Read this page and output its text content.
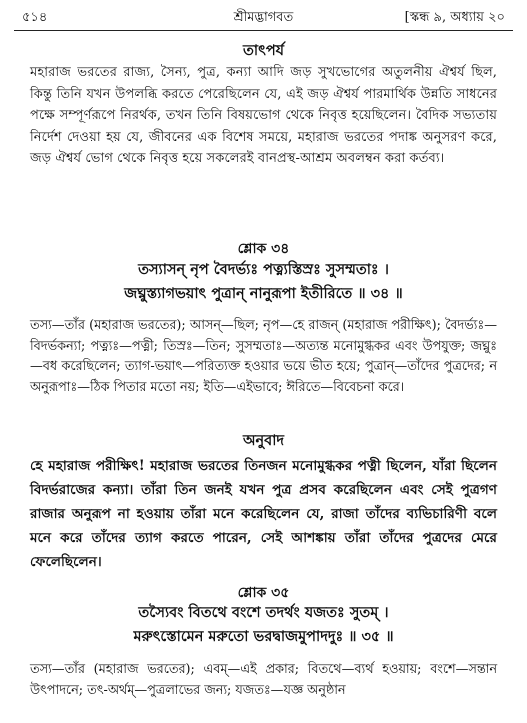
৫১৪	শ্রীমদ্ভাগবত	[স্কন্ধ ৯, অধ্যায় ২০
তাৎপর্য
মহারাজ ভরতের রাজ্য, সৈন্য, পুত্র, কন্যা আদি জড় সুখভোগের অতুলনীয় ঐশ্বর্য ছিল, কিন্তু তিনি যখন উপলব্ধি করতে পেরেছিলেন যে, এই জড় ঐশ্বর্য পারমার্থিক উন্নতি সাধনের পক্ষে সম্পূর্ণরূপে নিরর্থক, তখন তিনি বিষয়ভোগ থেকে নিবৃত্ত হয়েছিলেন। বৈদিক সভ্যতায় নির্দেশ দেওয়া হয় যে, জীবনের এক বিশেষ সময়ে, মহারাজ ভরতের পদাঙ্ক অনুসরণ করে, জড় ঐশ্বর্য ভোগ থেকে নিবৃত্ত হয়ে সকলেরই বানপ্রস্থ-আশ্রম অবলম্বন করা কর্তব্য।
শ্লোক ৩৪
তস্যাসন্ নৃপ বৈদর্ভ্যঃ পত্ন্যস্তিস্রঃ সুসম্মতাঃ ।
জঘ্নুস্ত্যাগভয়াৎ পুত্রান্ নানুরূপা ইতীরিতে ॥ ৩৪ ॥
তস্য—তাঁর (মহারাজ ভরতের); আসন্—ছিল; নৃপ—হে রাজন্ (মহারাজ পরীক্ষিৎ); বৈদর্ভ্যঃ—বিদর্ভকন্যা; পত্ন্যঃ—পত্নী; তিস্রঃ—তিন; সুসম্মতাঃ—অত্যন্ত মনোমুগ্ধকর এবং উপযুক্ত; জঘ্নুঃ—বধ করেছিলেন; ত্যাগ-ভয়াৎ—পরিত্যক্ত হওয়ার ভয়ে ভীত হয়ে; পুত্রান্—তাঁদের পুত্রদের; ন অনুরূপাঃ—ঠিক পিতার মতো নয়; ইতি—এইভাবে; ঈরিতে—বিবেচনা করে।
অনুবাদ
হে মহারাজ পরীক্ষিৎ! মহারাজ ভরতের তিনজন মনোমুগ্ধকর পত্নী ছিলেন, যাঁরা ছিলেন বিদর্ভরাজের কন্যা। তাঁরা তিন জনই যখন পুত্র প্রসব করেছিলেন এবং সেই পুত্রগণ রাজার অনুরূপ না হওয়ায় তাঁরা মনে করেছিলেন যে, রাজা তাঁদের ব্যভিচারিণী বলে মনে করে তাঁদের ত্যাগ করতে পারেন, সেই আশঙ্কায় তাঁরা তাঁদের পুত্রদের মেরে ফেলেছিলেন।
শ্লোক ৩৫
তস্যৈবং বিতথে বংশে তদর্থং যজতঃ সুতম্ ।
মরুৎস্তোমেন মরুতো ভরদ্বাজমুপাদদুঃ ॥ ৩৫ ॥
তস্য—তাঁর (মহারাজ ভরতের); এবম্—এই প্রকার; বিতথে—ব্যর্থ হওয়ায়; বংশে—সন্তান উৎপাদনে; তৎ-অর্থম্—পুত্রলাভের জন্য; যজতঃ—যজ্ঞ অনুষ্ঠান
